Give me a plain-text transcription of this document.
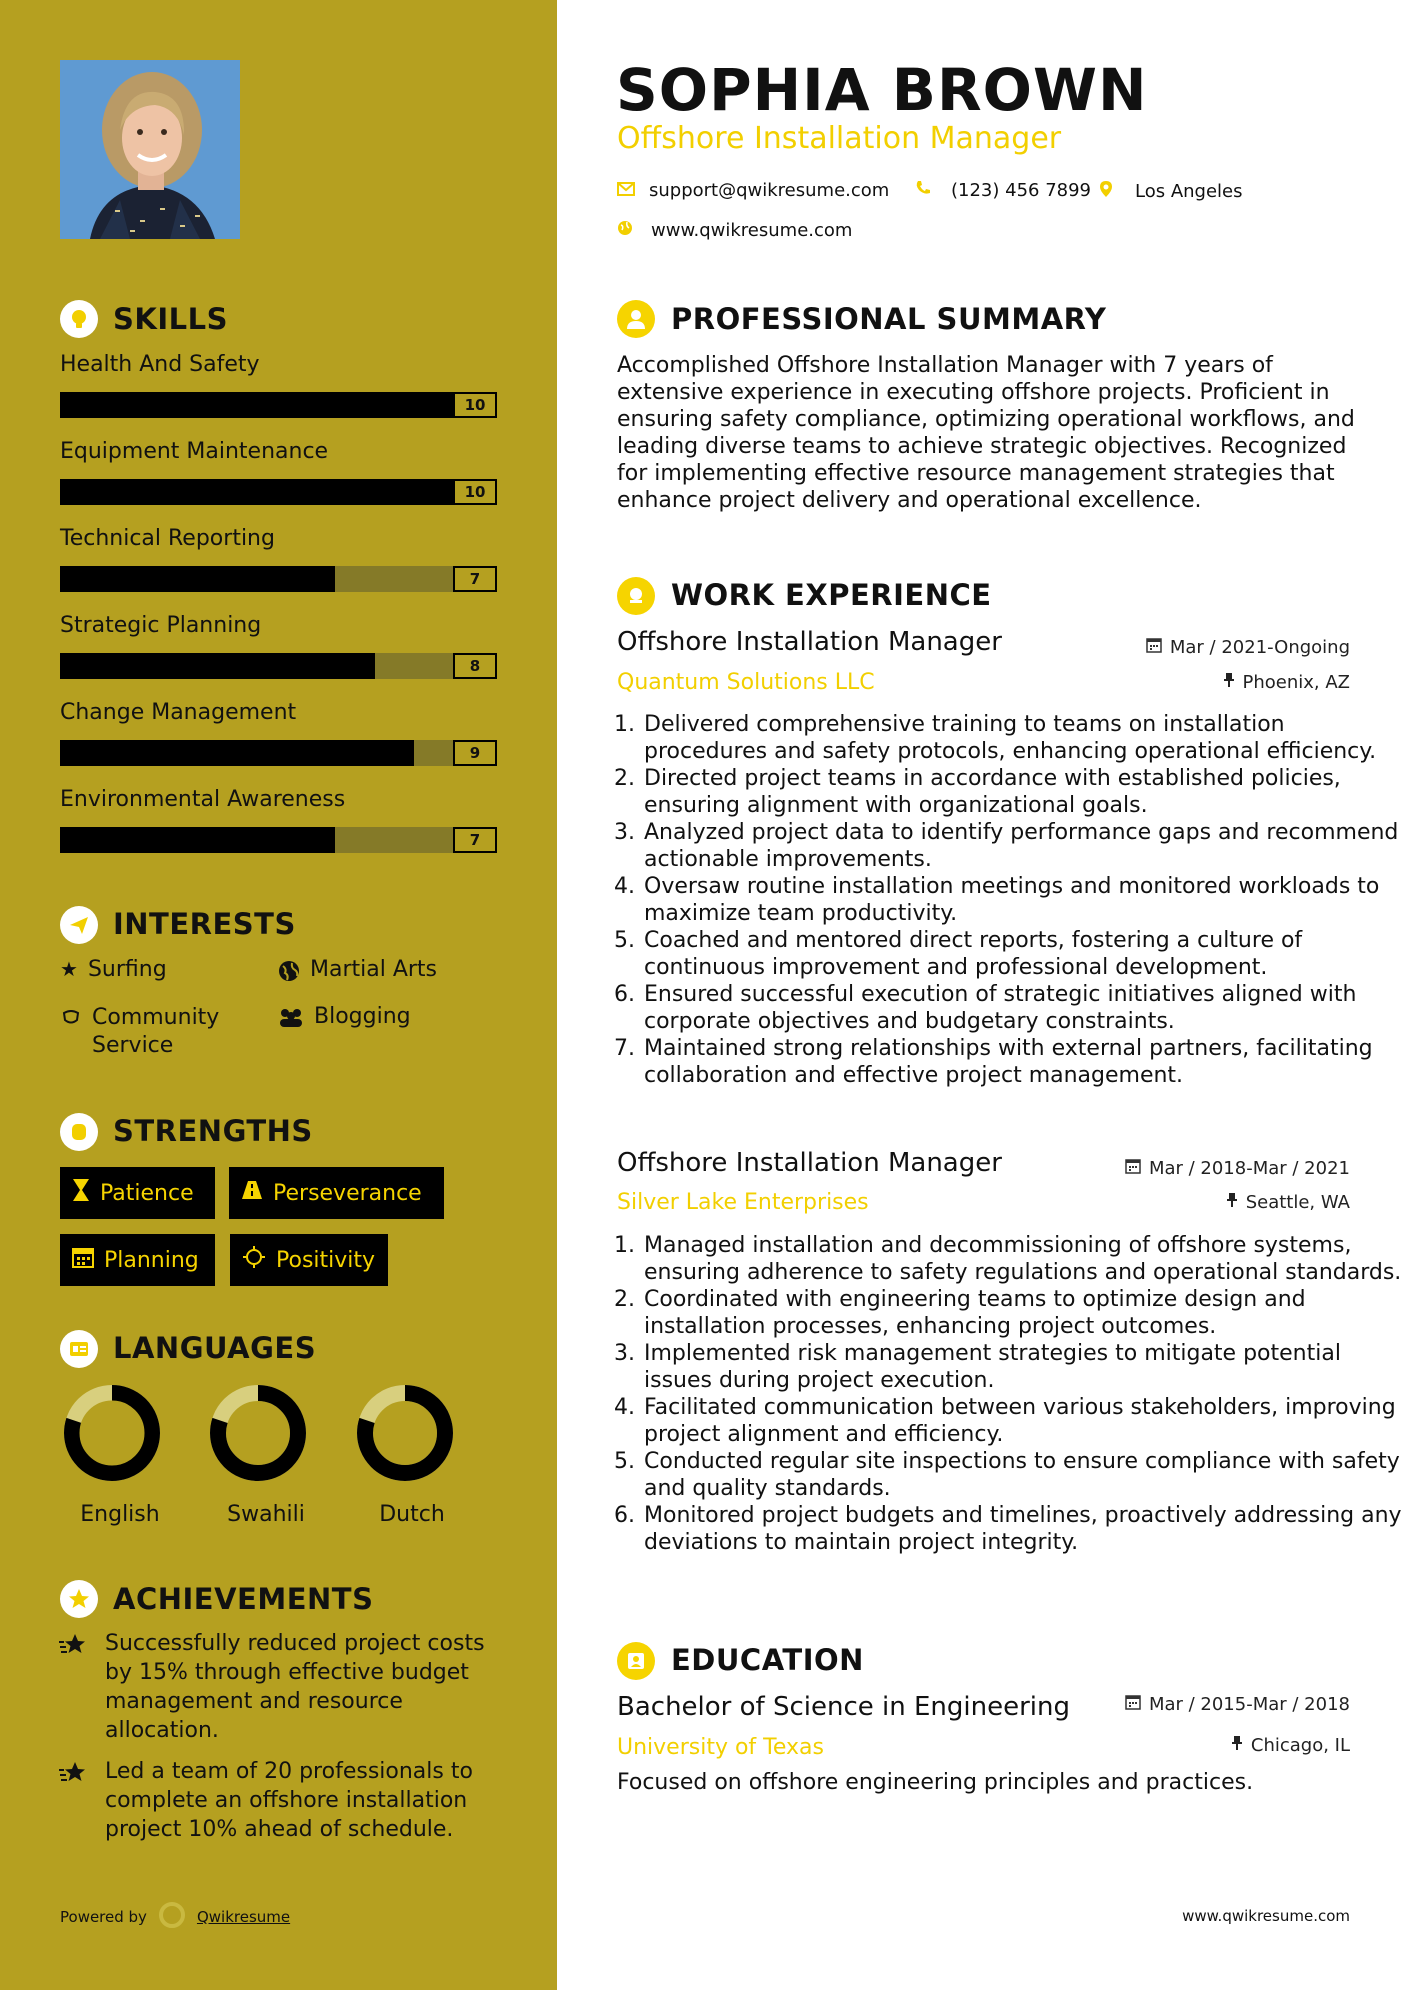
SKILLS
Health And Safety
10
Equipment Maintenance
10
Technical Reporting
7
Strategic Planning
8
Change Management
9
Environmental Awareness
7
INTERESTS
★ Surfing	Martial Arts
Community Service
Blogging
STRENGTHS
Patience	Perseverance
Planning	Positivity
LANGUAGES
English	Swahili	Dutch
ACHIEVEMENTS
Successfully reduced project costs by 15% through effective budget management and resource allocation.
Led a team of 20 professionals to complete an offshore installation project 10% ahead of schedule.
Powered by	Qwikresume
SOPHIA BROWN
Offshore Installation Manager
support@qwikresume.com	(123) 456 7899 Los Angeles
www.qwikresume.com
PROFESSIONAL SUMMARY
Accomplished Offshore Installation Manager with 7 years of extensive experience in executing offshore projects. Proficient in ensuring safety compliance, optimizing operational workflows, and leading diverse teams to achieve strategic objectives. Recognized for implementing effective resource management strategies that enhance project delivery and operational excellence.
WORK EXPERIENCE
Offshore Installation Manager	Mar / 2021-Ongoing
Quantum Solutions LLC	Phoenix, AZ
1. Delivered comprehensive training to teams on installation procedures and safety protocols, enhancing operational efficiency.
2. Directed project teams in accordance with established policies, ensuring alignment with organizational goals.
3. Analyzed project data to identify performance gaps and recommend actionable improvements.
4. Oversaw routine installation meetings and monitored workloads to maximize team productivity.
5. Coached and mentored direct reports, fostering a culture of continuous improvement and professional development.
6. Ensured successful execution of strategic initiatives aligned with corporate objectives and budgetary constraints.
7. Maintained strong relationships with external partners, facilitating collaboration and effective project management.
Offshore Installation Manager	Mar / 2018-Mar / 2021
Silver Lake Enterprises	Seattle, WA
1. Managed installation and decommissioning of offshore systems, ensuring adherence to safety regulations and operational standards.
2. Coordinated with engineering teams to optimize design and installation processes, enhancing project outcomes.
3. Implemented risk management strategies to mitigate potential issues during project execution.
4. Facilitated communication between various stakeholders, improving project alignment and efficiency.
5. Conducted regular site inspections to ensure compliance with safety and quality standards.
6. Monitored project budgets and timelines, proactively addressing any deviations to maintain project integrity.
EDUCATION
Bachelor of Science in Engineering	Mar / 2015-Mar / 2018
University of Texas	Chicago, IL
Focused on offshore engineering principles and practices.
www.qwikresume.com
